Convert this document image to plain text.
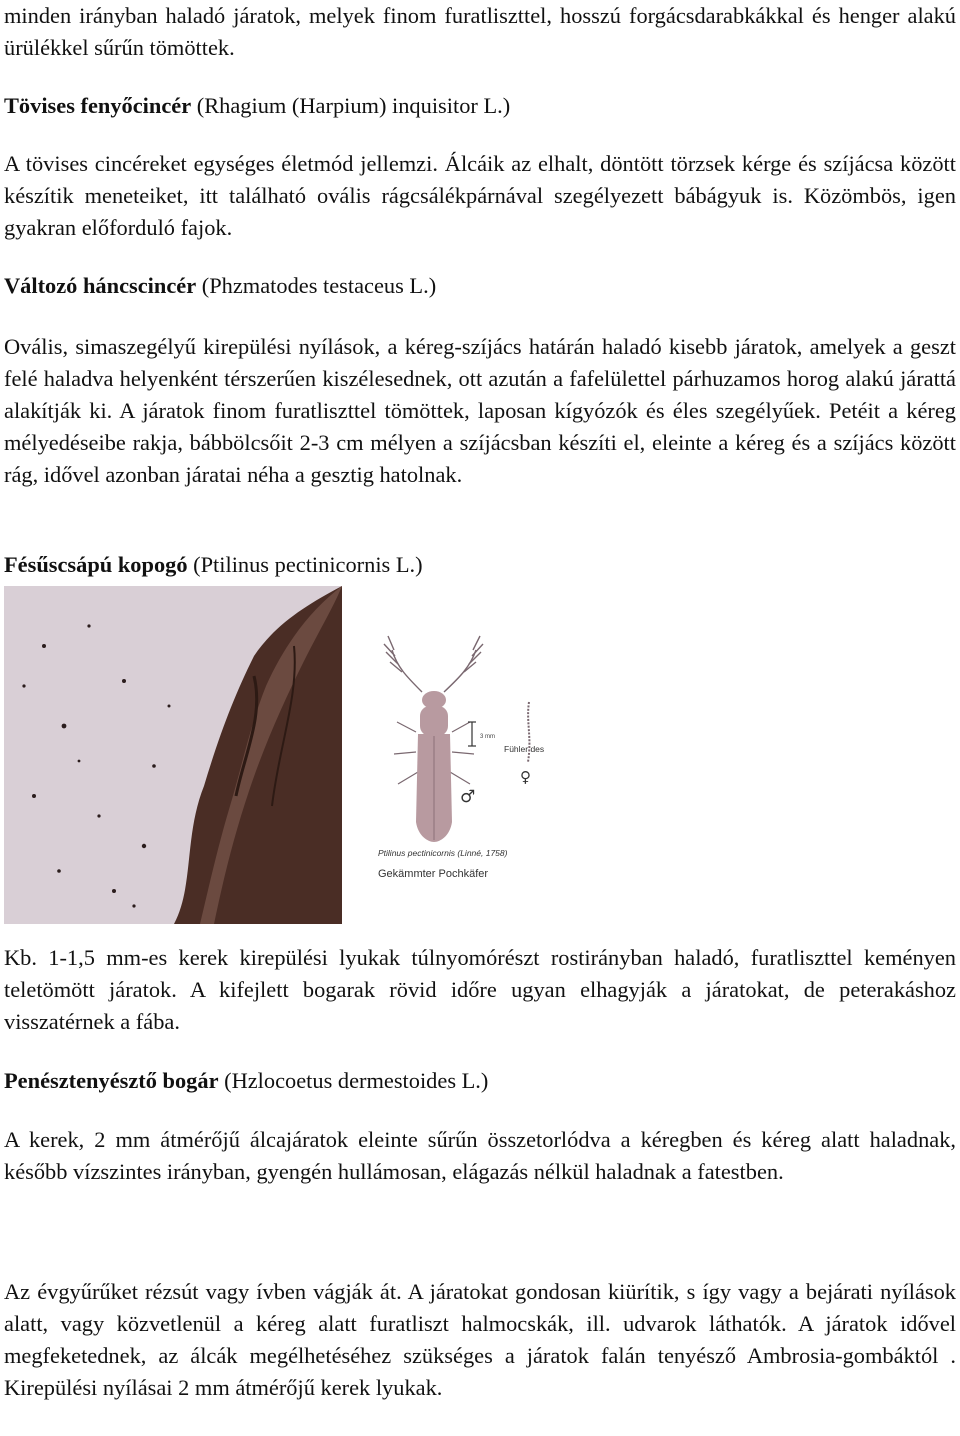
minden irányban haladó járatok, melyek finom furatliszttel, hosszú forgácsdarabkákkal és henger alakú ürülékkel sűrűn tömöttek.

Tövises fenyőcincér (Rhagium (Harpium) inquisitor L.)

A tövises cincéreket egységes életmód jellemzi. Álcáik az elhalt, döntött törzsek kérge és szíjácsa között készítik meneteiket, itt található ovális rágcsálékpárnával szegélyezett bábágyuk is. Közömbös, igen gyakran előforduló fajok.

Változó háncscincér (Phzmatodes testaceus L.)

Ovális, simaszegélyű kirepülési nyílások, a kéreg-szíjács határán haladó kisebb járatok, amelyek a geszt felé haladva helyenként térszerűen kiszélesednek, ott azután a fafelülettel párhuzamos horog alakú járattá alakítják ki. A járatok finom furatliszttel tömöttek, laposan kígyózók és éles szegélyűek. Petéit a kéreg mélyedéseibe rakja, bábbölcsőit 2-3 cm mélyen a szíjácsban készíti el, eleinte a kéreg és a szíjács között rág, idővel azonban járatai néha a gesztig hatolnak.

Fésűscsápú kopogó (Ptilinus pectinicornis L.)

3 mm
Fühler des
♀
♂
Ptilinus pectinicornis (Linné, 1758)
Gekämmter Pochkäfer

Kb. 1-1,5 mm-es kerek kirepülési lyukak túlnyomórészt rostirányban haladó, furatliszttel keményen teletömött járatok. A kifejlett bogarak rövid időre ugyan elhagyják a járatokat, de peterakáshoz visszatérnek a fába.

Penésztenyésztő bogár (Hzlocoetus dermestoides L.)

A kerek, 2 mm átmérőjű álcajáratok eleinte sűrűn összetorlódva a kéregben és kéreg alatt haladnak, később vízszintes irányban, gyengén hullámosan, elágazás nélkül haladnak a fatestben.

Az évgyűrűket rézsút vagy ívben vágják át. A járatokat gondosan kiürítik, s így vagy a bejárati nyílások alatt, vagy közvetlenül a kéreg alatt furatliszt halmocskák, ill. udvarok láthatók. A járatok idővel megfeketednek, az álcák megélhetéséhez szükséges a járatok falán tenyésző Ambrosia-gombáktól . Kirepülési nyílásai 2 mm átmérőjű kerek lyukak.
